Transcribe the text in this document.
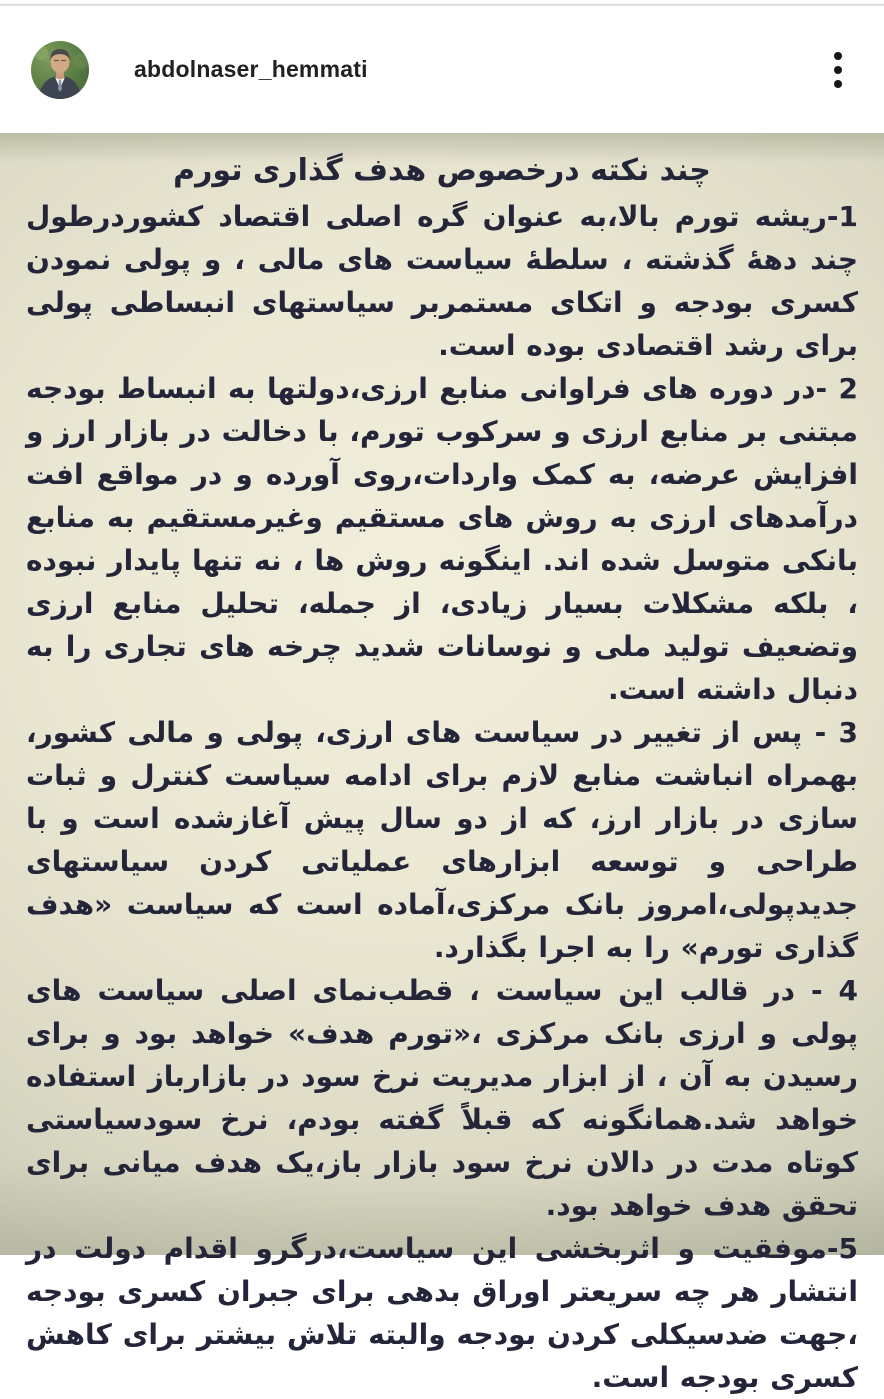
abdolnaser_hemmati
چند نکته درخصوص هدف گذاری تورم

1-ریشه تورم بالا،به عنوان گره اصلی اقتصاد کشوردرطول چند دهۀ گذشته ، سلطۀ سیاست های مالی ، و پولی نمودن کسری بودجه و اتکای مستمربر سیاستهای انبساطی پولی برای رشد اقتصادی بوده است.

2 -در دوره های فراوانی منابع ارزی،دولتها به انبساط بودجه مبتنی بر منابع ارزی و سرکوب تورم، با دخالت در بازار ارز و افزایش عرضه، به کمک واردات،روی آورده و در مواقع افت درآمدهای ارزی به روش های مستقیم وغیرمستقیم به منابع بانکی متوسل شده اند. اینگونه روش ها ، نه تنها پایدار نبوده ، بلکه مشکلات بسیار زیادی، از جمله، تحلیل منابع ارزی وتضعیف تولید ملی و نوسانات شدید چرخه های تجاری را به دنبال داشته است.

3 - پس از تغییر در سیاست های ارزی، پولی و مالی کشور، بهمراه انباشت منابع لازم برای ادامه سیاست کنترل و ثبات سازی در بازار ارز، که از دو سال پیش آغازشده است و با طراحی و توسعه ابزارهای عملیاتی کردن سیاستهای جدیدپولی،امروز بانک مرکزی،آماده است که سیاست «هدف گذاری تورم» را به اجرا بگذارد.

4 - در قالب این سیاست ، قطب‌نمای اصلی سیاست های پولی و ارزی بانک مرکزی ،«تورم هدف» خواهد بود و برای رسیدن به آن ، از ابزار مدیریت نرخ سود در بازارباز استفاده خواهد شد.همانگونه که قبلاً گفته بودم، نرخ سودسیاستی کوتاه مدت در دالان نرخ سود بازار باز،یک هدف میانی برای تحقق هدف خواهد بود.

5-موفقیت و اثربخشی این سیاست،درگرو اقدام دولت در انتشار هر چه سریعتر اوراق بدهی برای جبران کسری بودجه ،جهت ضدسیکلی کردن بودجه والبته تلاش بیشتر برای کاهش کسری بودجه است.
